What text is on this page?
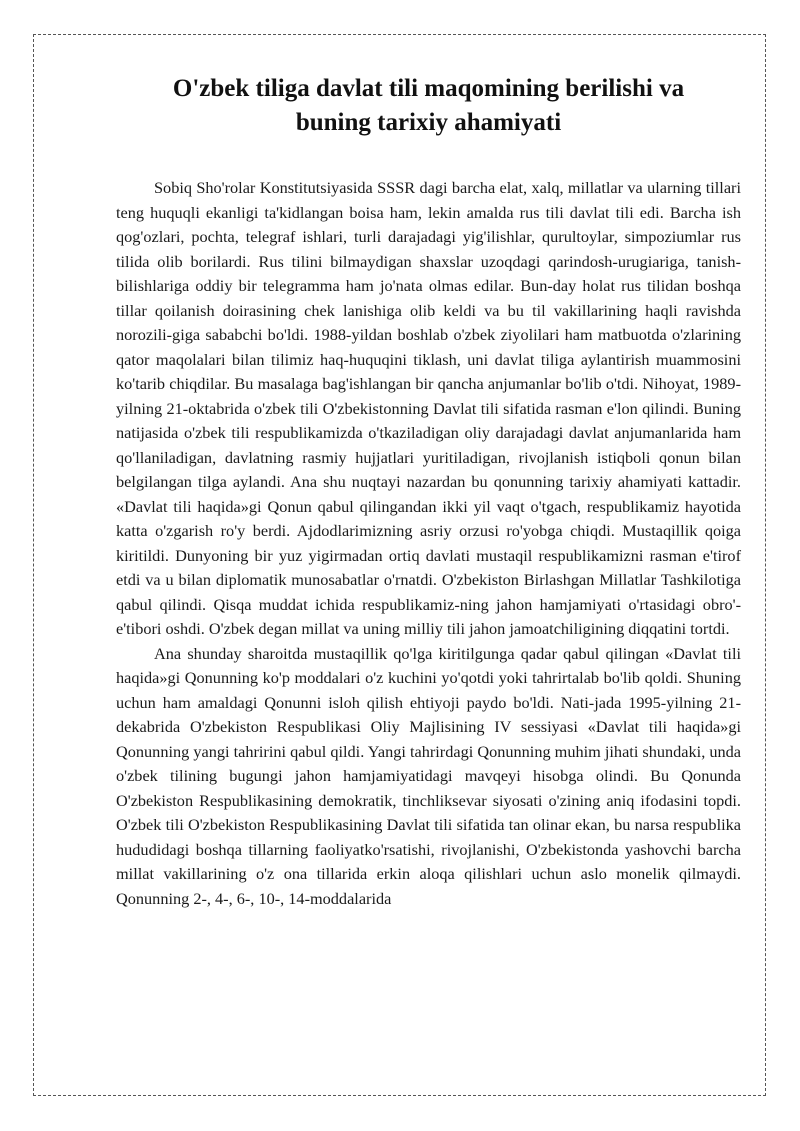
O'zbek tiliga davlat tili maqomining berilishi va
buning tarixiy ahamiyati

Sobiq Sho'rolar Konstitutsiyasida SSSR dagi barcha elat, xalq, millatlar va ularning tillari teng huquqli ekanligi ta'kidlangan boisa ham, lekin amalda rus tili davlat tili edi. Barcha ish qog'ozlari, pochta, telegraf ishlari, turli darajadagi yig'ilishlar, qurultoylar, simpoziumlar rus tilida olib borilardi. Rus tilini bilmaydigan shaxslar uzoqdagi qarindosh-urugiariga, tanish-bilishlariga oddiy bir telegramma ham jo'nata olmas edilar. Bun-day holat rus tilidan boshqa tillar qoilanish doirasining chek lanishiga olib keldi va bu til vakillarining haqli ravishda norozili-giga sababchi bo'ldi. 1988-yildan boshlab o'zbek ziyolilari ham matbuotda o'zlarining qator maqolalari bilan tilimiz haq-huquqini tiklash, uni davlat tiliga aylantirish muammosini ko'tarib chiqdilar. Bu masalaga bag'ishlangan bir qancha anjumanlar bo'lib o'tdi. Nihoyat, 1989-yilning 21-oktabrida o'zbek tili O'zbekistonning Davlat tili sifatida rasman e'lon qilindi. Buning natijasida o'zbek tili respublikamizda o'tkaziladigan oliy darajadagi davlat anjumanlarida ham qo'llaniladigan, davlatning rasmiy hujjatlari yuritiladigan, rivojlanish istiqboli qonun bilan belgilangan tilga aylandi. Ana shu nuqtayi nazardan bu qonunning tarixiy ahamiyati kattadir. «Davlat tili haqida»gi Qonun qabul qilingandan ikki yil vaqt o'tgach, respublikamiz hayotida katta o'zgarish ro'y berdi. Ajdodlarimizning asriy orzusi ro'yobga chiqdi. Mustaqillik qoiga kiritildi. Dunyoning bir yuz yigirmadan ortiq davlati mustaqil respublikamizni rasman e'tirof etdi va u bilan diplomatik munosabatlar o'rnatdi. O'zbekiston Birlashgan Millatlar Tashkilotiga qabul qilindi. Qisqa muddat ichida respublikamiz-ning jahon hamjamiyati o'rtasidagi obro'-e'tibori oshdi. O'zbek degan millat va uning milliy tili jahon jamoatchiligining diqqatini tortdi.

Ana shunday sharoitda mustaqillik qo'lga kiritilgunga qadar qabul qilingan «Davlat tili haqida»gi Qonunning ko'p moddalari o'z kuchini yo'qotdi yoki tahrirtalab bo'lib qoldi. Shuning uchun ham amaldagi Qonunni isloh qilish ehtiyoji paydo bo'ldi. Nati-jada 1995-yilning 21-dekabrida O'zbekiston Respublikasi Oliy Majlisining IV sessiyasi «Davlat tili haqida»gi Qonunning yangi tahririni qabul qildi. Yangi tahrirdagi Qonunning muhim jihati shundaki, unda o'zbek tilining bugungi jahon hamjamiyatidagi mavqeyi hisobga olindi. Bu Qonunda O'zbekiston Respublikasining demokratik, tinchliksevar siyosati o'zining aniq ifodasini topdi. O'zbek tili O'zbekiston Respublikasining Davlat tili sifatida tan olinar ekan, bu narsa respublika hududidagi boshqa tillarning faoliyatko'rsatishi, rivojlanishi, O'zbekistonda yashovchi barcha millat vakillarining o'z ona tillarida erkin aloqa qilishlari uchun aslo monelik qilmaydi. Qonunning 2-, 4-, 6-, 10-, 14-moddalarida
